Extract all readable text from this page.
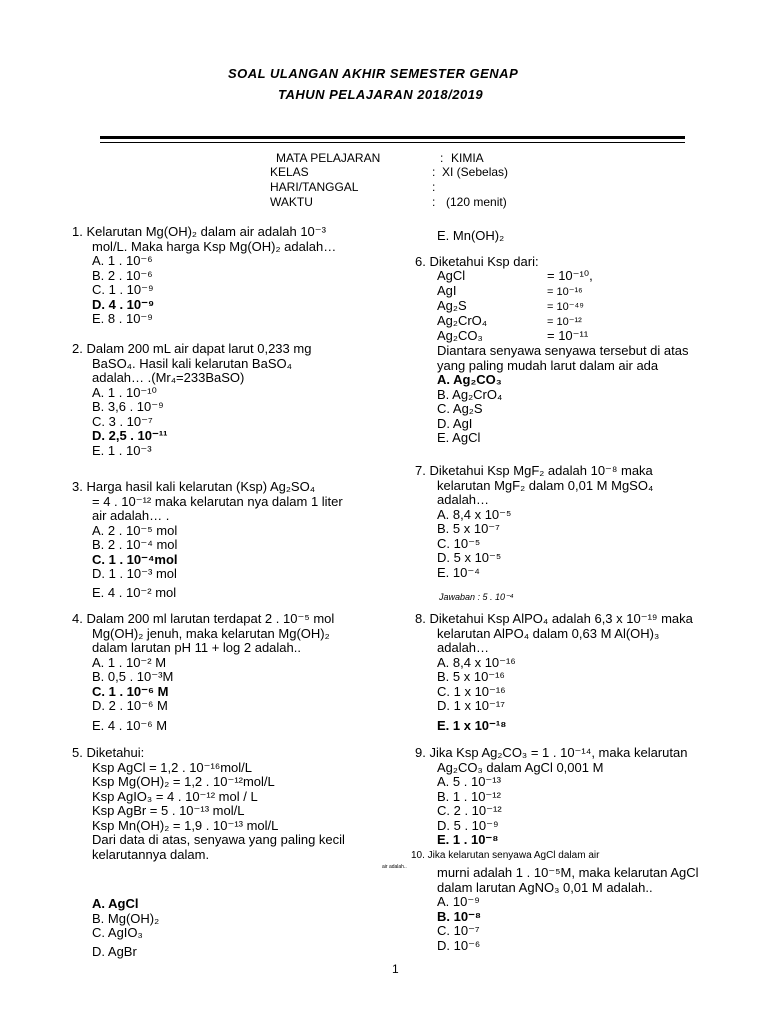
SOAL ULANGAN AKHIR SEMESTER GENAP
TAHUN PELAJARAN 2018/2019
MATA PELAJARAN	: KIMIA
KELAS	: XI (Sebelas)
HARI/TANGGAL	:
WAKTU	: (120 menit)
1. Kelarutan Mg(OH)₂ dalam air adalah 10⁻³
mol/L. Maka harga Ksp Mg(OH)₂ adalah…
A. 1 . 10⁻⁶
B. 2 . 10⁻⁶
C. 1 . 10⁻⁹
D. 4 . 10⁻⁹
E. 8 . 10⁻⁹
2. Dalam 200 mL air dapat larut 0,233 mg
BaSO₄. Hasil kali kelarutan BaSO₄
adalah… .(Mr₄=233BaSO)
A. 1 . 10⁻¹⁰
B. 3,6 . 10⁻⁹
C. 3 . 10⁻⁷
D. 2,5 . 10⁻¹¹
E. 1 . 10⁻³
3. Harga hasil kali kelarutan (Ksp) Ag₂SO₄
= 4 . 10⁻¹² maka kelarutan nya dalam 1 liter
air adalah… .
A. 2 . 10⁻⁵ mol
B. 2 . 10⁻⁴ mol
C. 1 . 10⁻⁴mol
D. 1 . 10⁻³ mol
E. 4 . 10⁻² mol
4. Dalam 200 ml larutan terdapat 2 . 10⁻⁵ mol
Mg(OH)₂ jenuh, maka kelarutan Mg(OH)₂
dalam larutan pH 11 + log 2 adalah..
A. 1 . 10⁻² M
B. 0,5 . 10⁻³M
C. 1 . 10⁻⁶ M
D. 2 . 10⁻⁶ M
E. 4 . 10⁻⁶ M
5. Diketahui:
Ksp AgCl = 1,2 . 10⁻¹⁶mol/L
Ksp Mg(OH)₂ = 1,2 . 10⁻¹²mol/L
Ksp AgIO₃ = 4 . 10⁻¹² mol / L
Ksp AgBr = 5 . 10⁻¹³ mol/L
Ksp Mn(OH)₂ = 1,9 . 10⁻¹³ mol/L
Dari data di atas, senyawa yang paling kecil
kelarutannya dalam.
air adalah..
A. AgCl
B. Mg(OH)₂
C. AgIO₃
D. AgBr
E. Mn(OH)₂
6. Diketahui Ksp dari:
AgCl	= 10⁻¹⁰,
AgI	= 10⁻¹⁶
Ag₂S	= 10⁻⁴⁹
Ag₂CrO₄	= 10⁻¹²
Ag₂CO₃	= 10⁻¹¹
Diantara senyawa senyawa tersebut di atas
yang paling mudah larut dalam air ada
A. Ag₂CO₃
B. Ag₂CrO₄
C. Ag₂S
D. AgI
E. AgCl
7. Diketahui Ksp MgF₂ adalah 10⁻⁸ maka
kelarutan MgF₂ dalam 0,01 M MgSO₄
adalah…
A. 8,4 x 10⁻⁵
B. 5 x 10⁻⁷
C. 10⁻⁵
D. 5 x 10⁻⁵
E. 10⁻⁴
Jawaban : 5 . 10⁻⁴
8. Diketahui Ksp AlPO₄ adalah 6,3 x 10⁻¹⁹ maka
kelarutan AlPO₄ dalam 0,63 M Al(OH)₃
adalah…
A. 8,4 x 10⁻¹⁶
B. 5 x 10⁻¹⁶
C. 1 x 10⁻¹⁶
D. 1 x 10⁻¹⁷
E. 1 x 10⁻¹⁸
9. Jika Ksp Ag₂CO₃ = 1 . 10⁻¹⁴, maka kelarutan
Ag₂CO₃ dalam AgCl 0,001 M
A. 5 . 10⁻¹³
B. 1 . 10⁻¹²
C. 2 . 10⁻¹²
D. 5 . 10⁻⁹
E. 1 . 10⁻⁸
10. Jika kelarutan senyawa AgCl dalam air
murni adalah 1 . 10⁻⁵M, maka kelarutan AgCl
dalam larutan AgNO₃ 0,01 M adalah..
A. 10⁻⁹
B. 10⁻⁸
C. 10⁻⁷
D. 10⁻⁶
1
